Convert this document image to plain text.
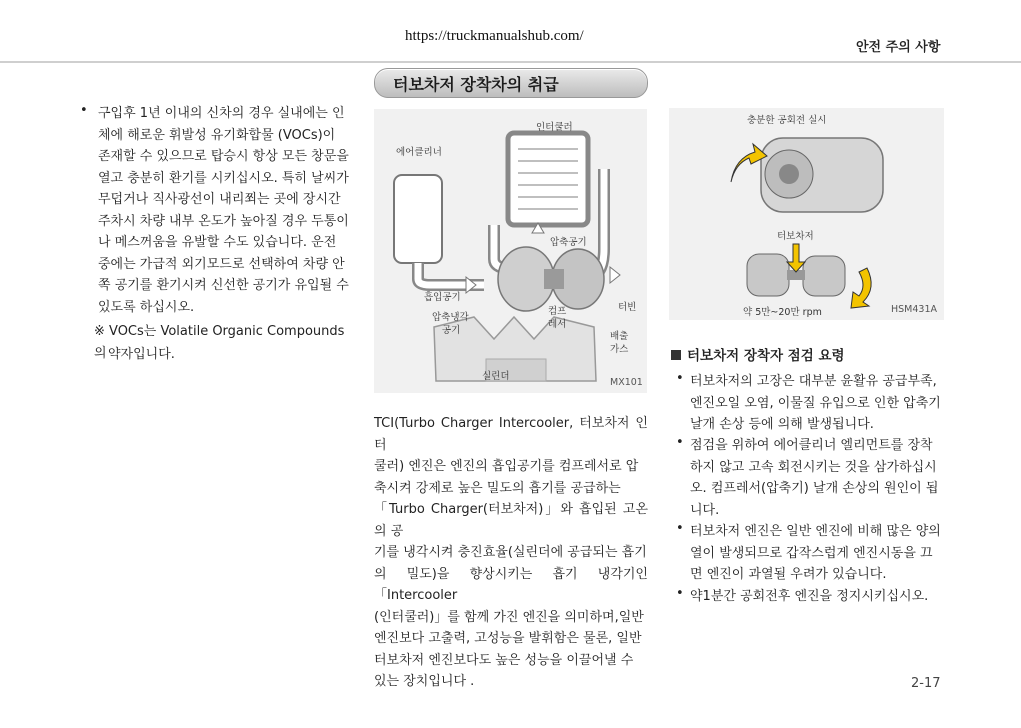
https://truckmanualshub.com/
안전 주의 사항
터보차저 장착차의 취급
• 구입후 1년 이내의 신차의 경우 실내에는 인
체에 해로운 휘발성 유기화합물 (VOCs)이
존재할 수 있으므로 탑승시 항상 모든 창문을
열고 충분히 환기를 시키십시오. 특히 날씨가
무덥거나 직사광선이 내리쬐는 곳에 장시간
주차시 차량 내부 온도가 높아질 경우 두통이
나 메스꺼움을 유발할 수도 있습니다. 운전
중에는 가급적 외기모드로 선택하여 차량 안
쪽 공기를 환기시켜 신선한 공기가 유입될 수
있도록 하십시오.
※ VOCs는 Volatile Organic Compounds의 약자입니다.
인터쿨러
에어클리너
압축공기
흡입공기
압축냉각
공기
컴프
레서
터빈
배출
가스
실린더
MX101
충분한 공회전 실시
터보차저
약 5만~20만 rpm	HSM431A
TCI(Turbo Charger Intercooler, 터보차저 인터
쿨러) 엔진은 엔진의 흡입공기를 컴프레서로 압
축시켜 강제로 높은 밀도의 흡기를 공급하는
「Turbo Charger(터보차저)」와 흡입된 고온의 공
기를 냉각시켜 충진효율(실린더에 공급되는 흡기
의 밀도)을 향상시키는 흡기 냉각기인 「Intercooler
(인터쿨러)」를 함께 가진 엔진을 의미하며,일반
엔진보다 고출력, 고성능을 발휘함은 물론, 일반
터보차저 엔진보다도 높은 성능을 이끌어낼 수
있는 장치입니다 .
터보차저 장착자 점검 요령
• 터보차저의 고장은 대부분 윤활유 공급부족,
엔진오일 오염, 이물질 유입으로 인한 압축기
날개 손상 등에 의해 발생됩니다.
• 점검을 위하여 에어클리너 엘리먼트를 장착
하지 않고 고속 회전시키는 것을 삼가하십시
오. 컴프레서(압축기) 날개 손상의 원인이 됩
니다.
• 터보차저 엔진은 일반 엔진에 비해 많은 양의
열이 발생되므로 갑작스럽게 엔진시동을 끄
면 엔진이 과열될 우려가 있습니다.
• 약1분간 공회전후 엔진을 정지시키십시오.
2-17
